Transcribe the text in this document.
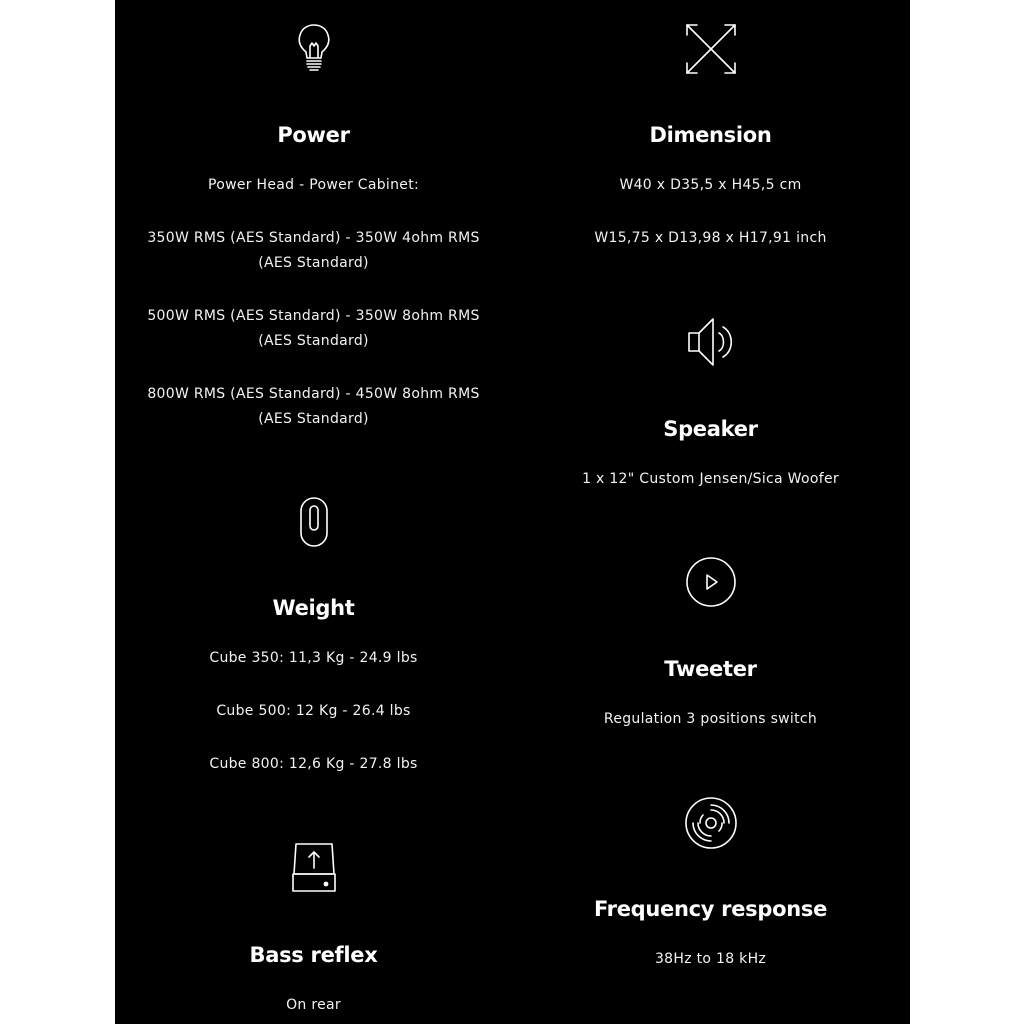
Power

Power Head - Power Cabinet:

350W RMS (AES Standard) - 350W 4ohm RMS

(AES Standard)

500W RMS (AES Standard) - 350W 8ohm RMS

(AES Standard)

800W RMS (AES Standard) - 450W 8ohm RMS

(AES Standard)

Weight

Cube 350: 11,3 Kg - 24.9 lbs

Cube 500: 12 Kg - 26.4 lbs

Cube 800: 12,6 Kg - 27.8 lbs

Bass reflex

On rear

Dimension

W40 x D35,5 x H45,5 cm

W15,75 x D13,98 x H17,91 inch

Speaker

1 x 12" Custom Jensen/Sica Woofer

Tweeter

Regulation 3 positions switch

Frequency response

38Hz to 18 kHz
